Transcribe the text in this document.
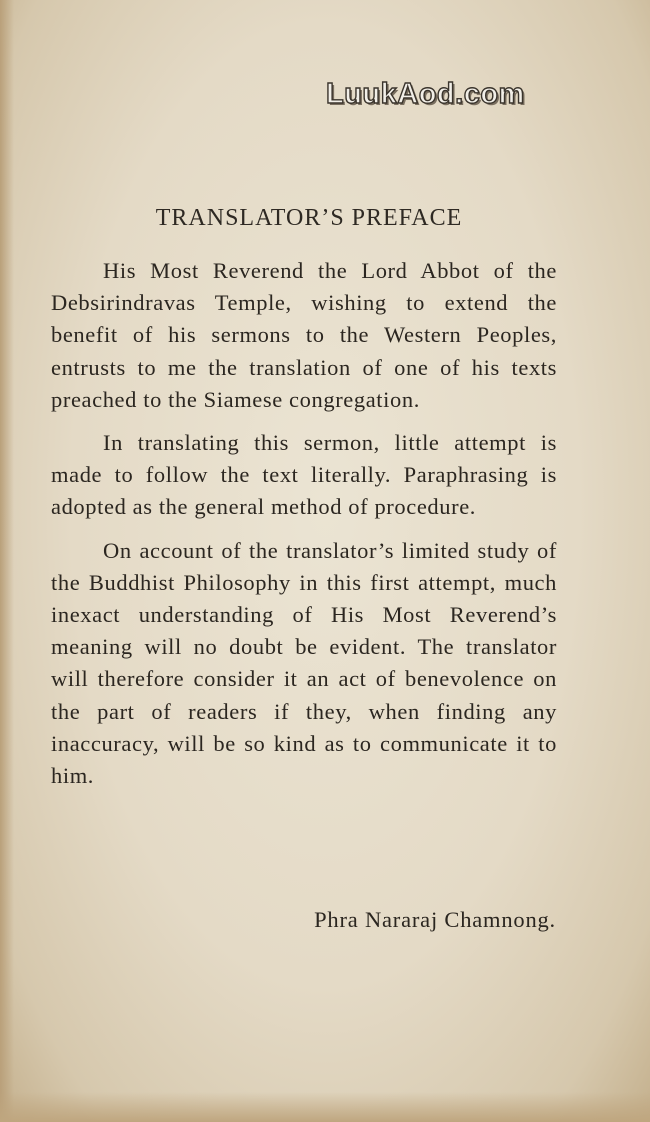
LuukAod.com
TRANSLATOR’S PREFACE

His Most Reverend the Lord Abbot of the Debsirindravas Temple, wishing to extend the benefit of his sermons to the Western Peoples, entrusts to me the translation of one of his texts preached to the Siamese congregation.

In translating this sermon, little attempt is made to follow the text literally. Paraphrasing is adopted as the general method of procedure.

On account of the translator’s limited study of the Buddhist Philosophy in this first attempt, much inexact understanding of His Most Reverend’s meaning will no doubt be evident. The translator will therefore consider it an act of benevolence on the part of readers if they, when finding any inaccuracy, will be so kind as to communicate it to him.

Phra Nararaj Chamnong.
